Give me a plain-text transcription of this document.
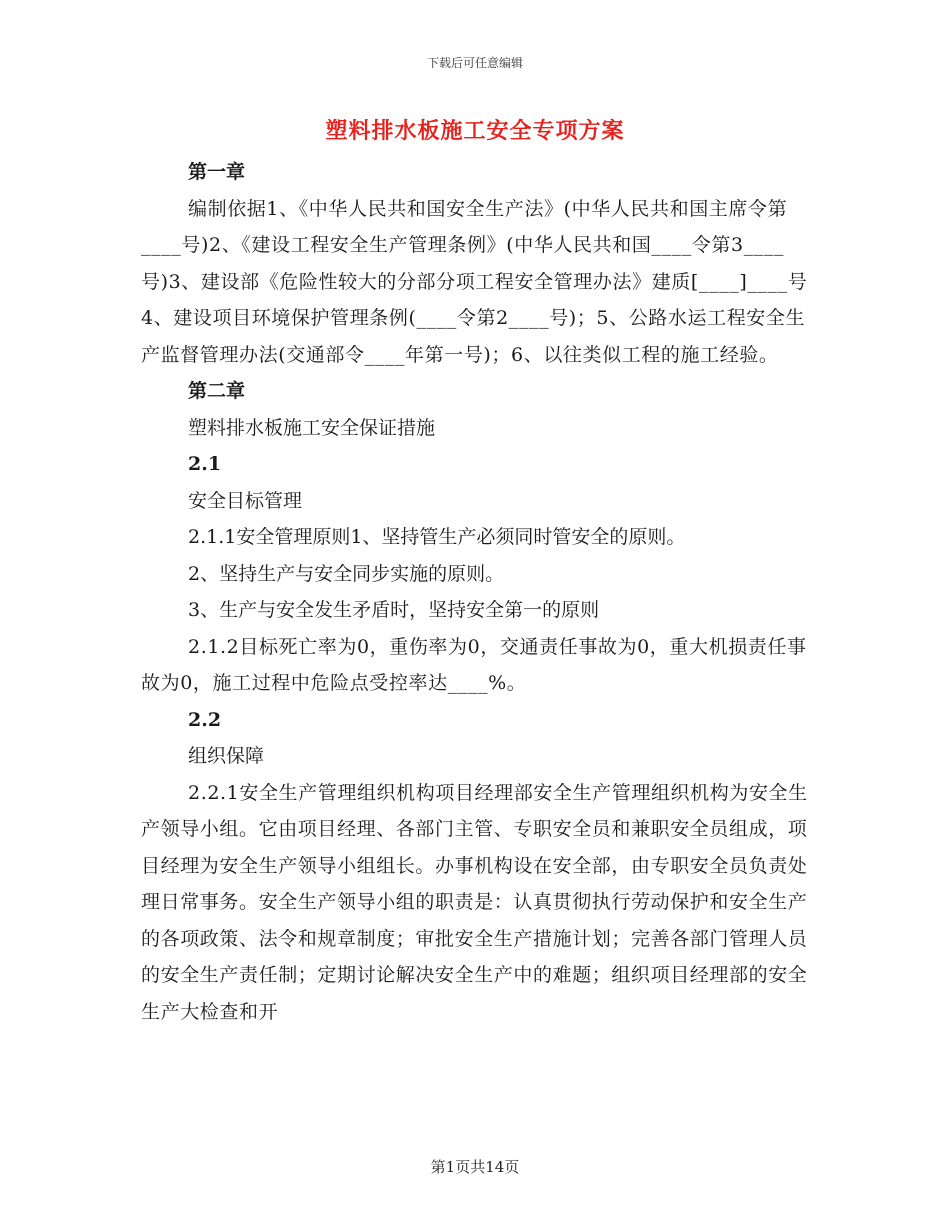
下载后可任意编辑
塑料排水板施工安全专项方案

第一章

编制依据1、《中华人民共和国安全生产法》(中华人民共和国主席令第____号)2、《建设工程安全生产管理条例》(中华人民共和国____令第3____号)3、建设部《危险性较大的分部分项工程安全管理办法》建质[____]____号4、建设项目环境保护管理条例(____令第2____号)；5、公路水运工程安全生产监督管理办法(交通部令____年第一号)；6、以往类似工程的施工经验。

第二章

塑料排水板施工安全保证措施

2.1

安全目标管理

2.1.1安全管理原则1、坚持管生产必须同时管安全的原则。

2、坚持生产与安全同步实施的原则。

3、生产与安全发生矛盾时，坚持安全第一的原则

2.1.2目标死亡率为0，重伤率为0，交通责任事故为0，重大机损责任事故为0，施工过程中危险点受控率达____%。

2.2

组织保障

2.2.1安全生产管理组织机构项目经理部安全生产管理组织机构为安全生产领导小组。它由项目经理、各部门主管、专职安全员和兼职安全员组成，项目经理为安全生产领导小组组长。办事机构设在安全部，由专职安全员负责处理日常事务。安全生产领导小组的职责是：认真贯彻执行劳动保护和安全生产的各项政策、法令和规章制度；审批安全生产措施计划；完善各部门管理人员的安全生产责任制；定期讨论解决安全生产中的难题；组织项目经理部的安全生产大检查和开

第1页共14页
